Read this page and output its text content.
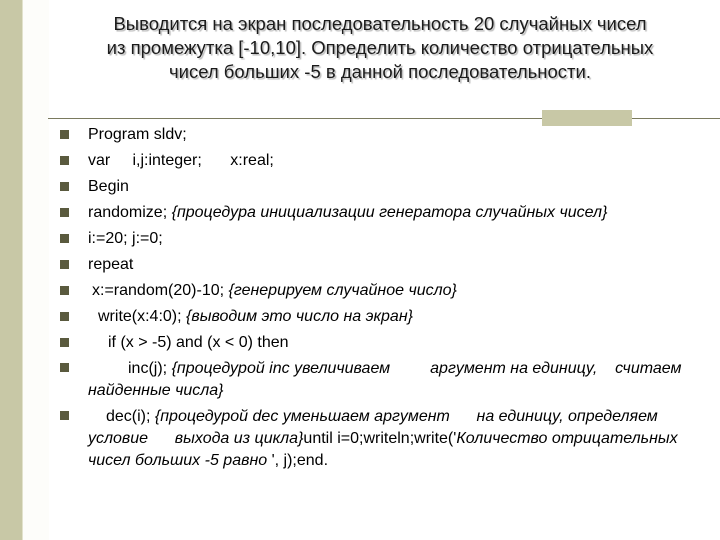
Выводится на экран последовательность 20 случайных чисел
из промежутка [-10,10]. Определить количество отрицательных
чисел больших -5 в данной последовательности.
Program sldv;
var     i,j:integer; x:real;
Begin
randomize; {процедура инициализации генератора случайных чисел}
i:=20; j:=0;
repeat
x:=random(20)-10; {генерируем случайное число}
write(x:4:0); {выводим это число на экран}
if (x > -5) and (x < 0) then
inc(j); {процедурой inc увеличиваем         аргумент на единицу,    считаем найденные числа}
dec(i); {процедурой dec уменьшаем аргумент      на единицу, определяем условие      выхода из цикла}until i=0;writeln;write('Количество отрицательных чисел больших -5 равно ', j);end.
